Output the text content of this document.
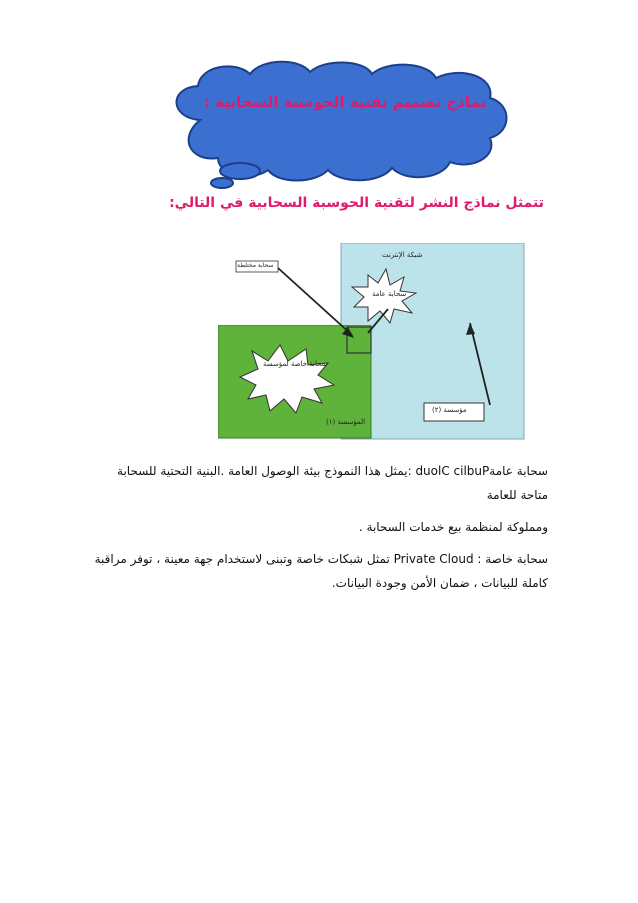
نماذج تصميم تقنية الحوسبة السحابية :
تتمثل نماذج النشر لتقنية الحوسبة السحابية في التالي:
شبكة الإنترنت
سحابة عامة
سحابة مختلطة
سحابة خاصة لمؤسسة
المؤسسة (١)
مؤسسة (٢)
سحابة عامةduolC cilbuP :يمثل هذا النموذج بيئة الوصول العامة .البنية التحتية للسحابة
متاحة للعامة
ومملوكة لمنظمة بيع خدمات السحابة .
سحابة خاصة : Private Cloud تمثل شبكات خاصة وتبنى لاستخدام جهة معينة ، توفر مراقبة
كاملة للبيانات ، ضمان الأمن وجودة البيانات.
